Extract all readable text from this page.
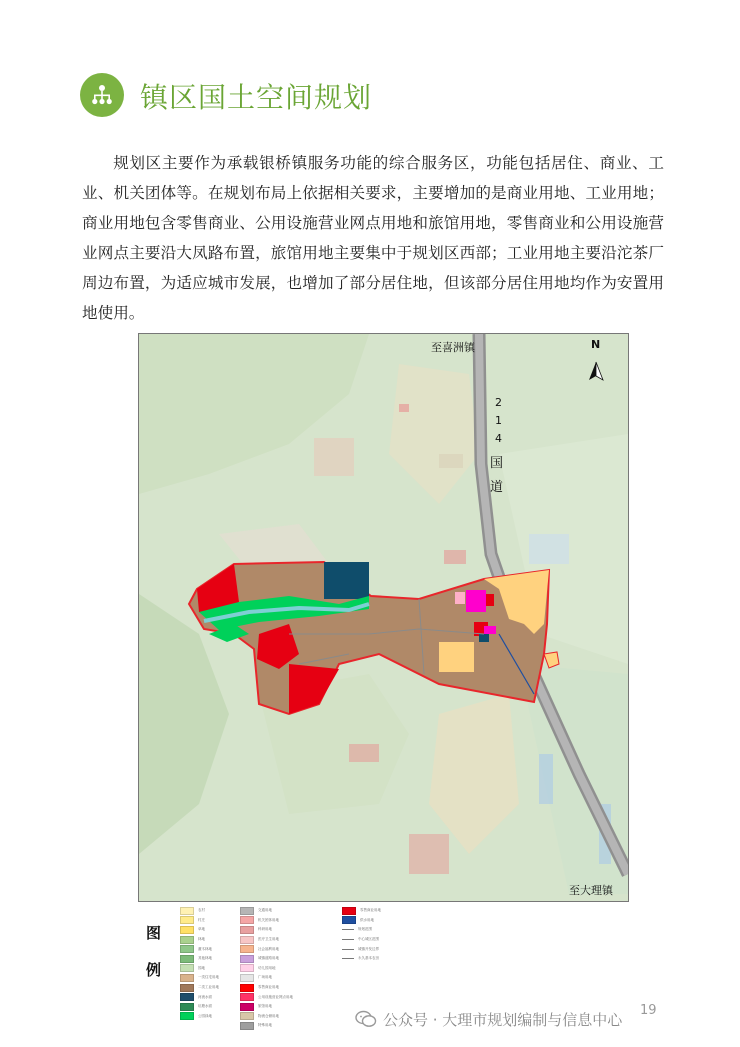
镇区国土空间规划

规划区主要作为承载银桥镇服务功能的综合服务区，功能包括居住、商业、工业、机关团体等。在规划布局上依据相关要求，主要增加的是商业用地、工业用地；商业用地包含零售商业、公用设施营业网点用地和旅馆用地，零售商业和公用设施营业网点主要沿大凤路布置，旅馆用地主要集中于规划区西部；工业用地主要沿沱茶厂周边布置，为适应城市发展，也增加了部分居住地，但该部分居住用地均作为安置用地使用。

N
至喜洲镇
至大理镇
2
1
4
国
道
图
例
农村
村庄
草地
林地
灌木林地
其他林地
园地
一类住宅用地
二类工业用地
河流水面
坑塘水面
公园绿地
交通用地
机关团体用地
科研用地
医疗卫生用地
社会福利用地
城镇道路用地
幼儿园用地
广场用地
零售商业用地
公用设施营业网点用地
旅馆用地
物流仓储用地
特殊用地
零售商业用地
供水用地
规划范围
中心城区范围
城镇开发边界
永久基本农田
19
公众号 · 大理市规划编制与信息中心
